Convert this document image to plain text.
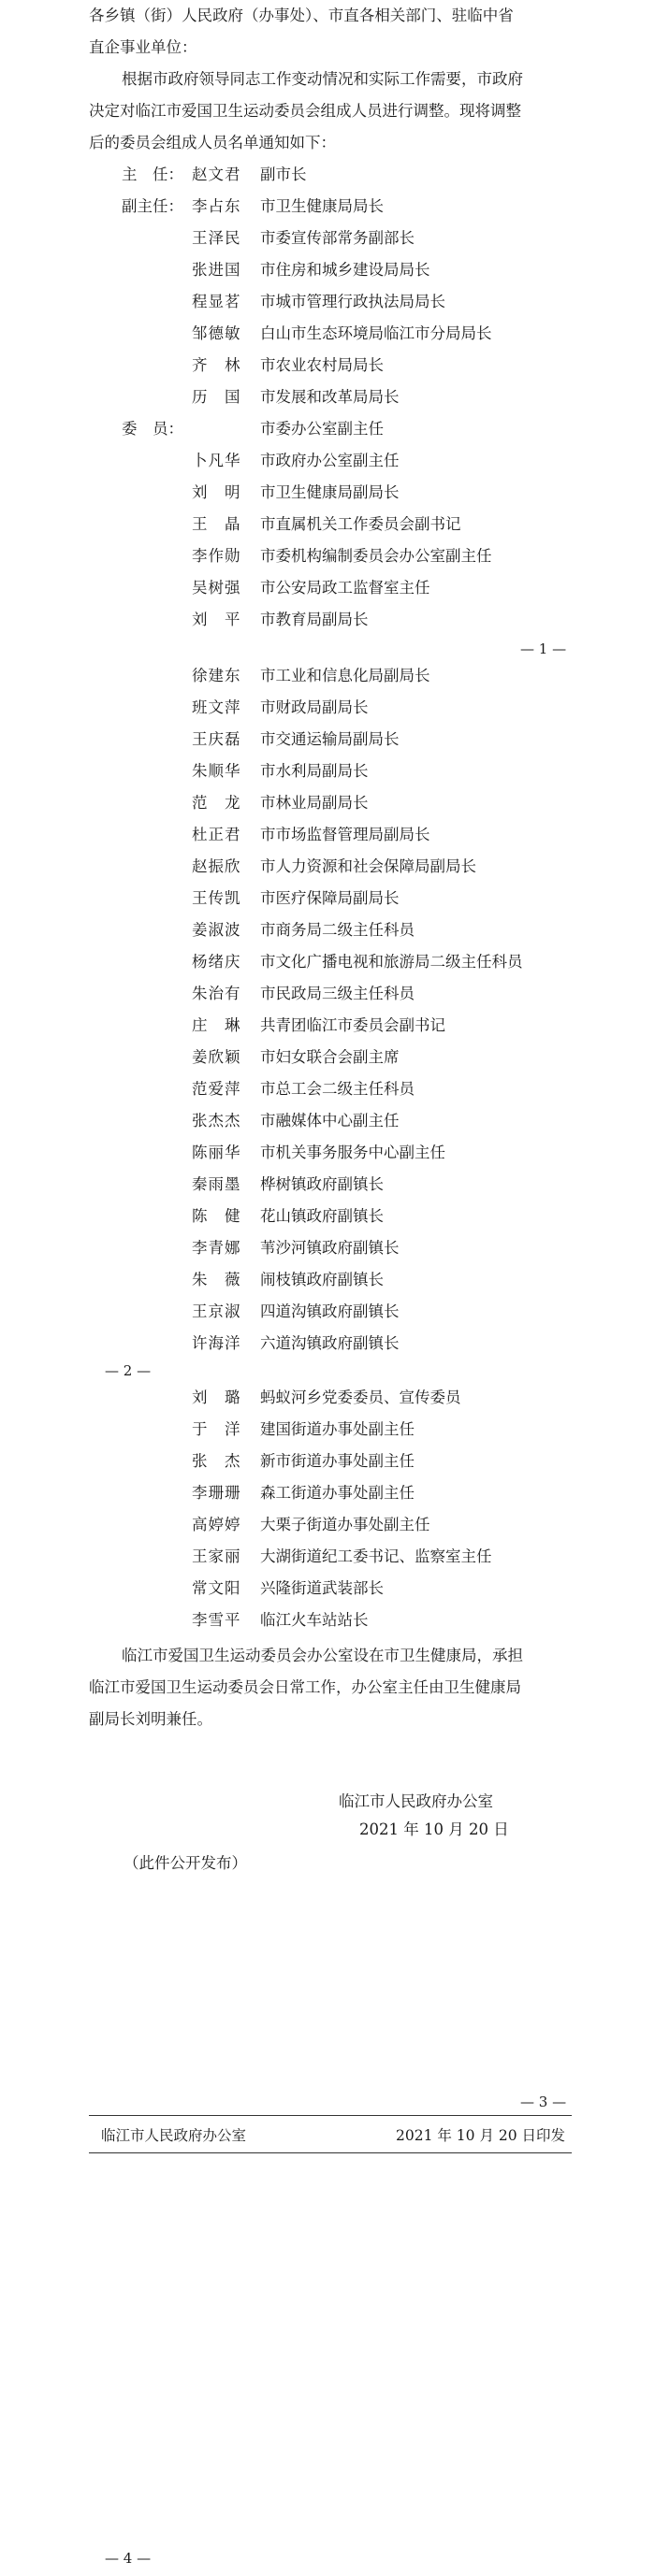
各乡镇（街）人民政府（办事处）、市直各相关部门、驻临中省
直企事业单位：
根据市政府领导同志工作变动情况和实际工作需要，市政府
决定对临江市爱国卫生运动委员会组成人员进行调整。现将调整
后的委员会组成人员名单通知如下：
主　任：
副主任：
委　员：
赵文君 副市长
李占东 市卫生健康局局长
王泽民 市委宣传部常务副部长
张进国 市住房和城乡建设局局长
程显茗 市城市管理行政执法局局长
邹德敏 白山市生态环境局临江市分局局长
齐　林 市农业农村局局长
历　国 市发展和改革局局长
市委办公室副主任
卜凡华 市政府办公室副主任
刘　明 市卫生健康局副局长
王　晶 市直属机关工作委员会副书记
李作勋 市委机构编制委员会办公室副主任
吴树强 市公安局政工监督室主任
刘　平 市教育局副局长
— 1 —
徐建东 市工业和信息化局副局长
班文萍 市财政局副局长
王庆磊 市交通运输局副局长
朱顺华 市水利局副局长
范　龙 市林业局副局长
杜正君 市市场监督管理局副局长
赵振欣 市人力资源和社会保障局副局长
王传凯 市医疗保障局副局长
姜淑波 市商务局二级主任科员
杨绪庆 市文化广播电视和旅游局二级主任科员
朱治有 市民政局三级主任科员
庄　琳 共青团临江市委员会副书记
姜欣颖 市妇女联合会副主席
范爱萍 市总工会二级主任科员
张杰杰 市融媒体中心副主任
陈丽华 市机关事务服务中心副主任
秦雨墨 桦树镇政府副镇长
陈　健 花山镇政府副镇长
李青娜 苇沙河镇政府副镇长
朱　薇 闹枝镇政府副镇长
王京淑 四道沟镇政府副镇长
许海洋 六道沟镇政府副镇长
— 2 —
刘　璐 蚂蚁河乡党委委员、宣传委员
于　洋 建国街道办事处副主任
张　杰 新市街道办事处副主任
李珊珊 森工街道办事处副主任
高婷婷 大栗子街道办事处副主任
王家丽 大湖街道纪工委书记、监察室主任
常文阳 兴隆街道武装部长
李雪平 临江火车站站长
临江市爱国卫生运动委员会办公室设在市卫生健康局，承担
临江市爱国卫生运动委员会日常工作，办公室主任由卫生健康局
副局长刘明兼任。
临江市人民政府办公室
2021 年 10 月 20 日
（此件公开发布）
— 3 —
临江市人民政府办公室	2021 年 10 月 20 日印发
— 4 —
